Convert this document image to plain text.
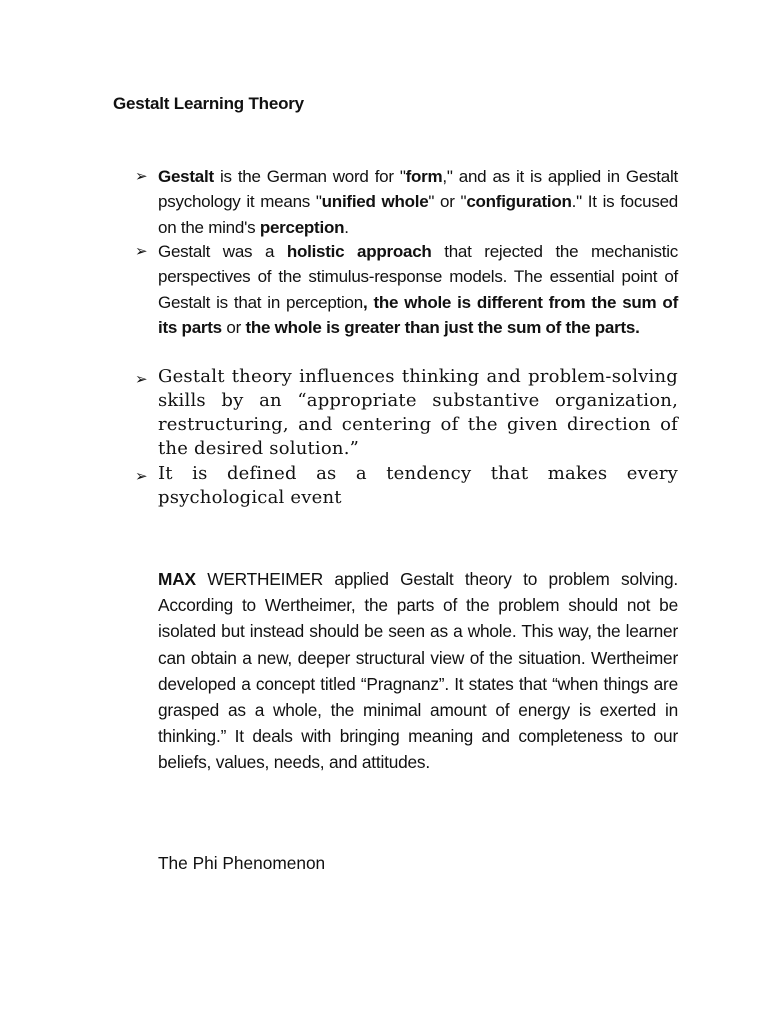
Gestalt Learning Theory
➢ Gestalt is the German word for "form," and as it is applied in Gestalt psychology it means "unified whole" or "configuration." It is focused on the mind's perception.
➢ Gestalt was a holistic approach that rejected the mechanistic perspectives of the stimulus-response models. The essential point of Gestalt is that in perception, the whole is different from the sum of its parts or the whole is greater than just the sum of the parts.
➢ Gestalt theory influences thinking and problem-solving skills by an “appropriate substantive organization, restructuring, and centering of the given direction of the desired solution.”
➢ It is defined as a tendency that makes every psychological event
MAX WERTHEIMER applied Gestalt theory to problem solving. According to Wertheimer, the parts of the problem should not be isolated but instead should be seen as a whole. This way, the learner can obtain a new, deeper structural view of the situation. Wertheimer developed a concept titled “Pragnanz”. It states that “when things are grasped as a whole, the minimal amount of energy is exerted in thinking.” It deals with bringing meaning and completeness to our beliefs, values, needs, and attitudes.
The Phi Phenomenon
